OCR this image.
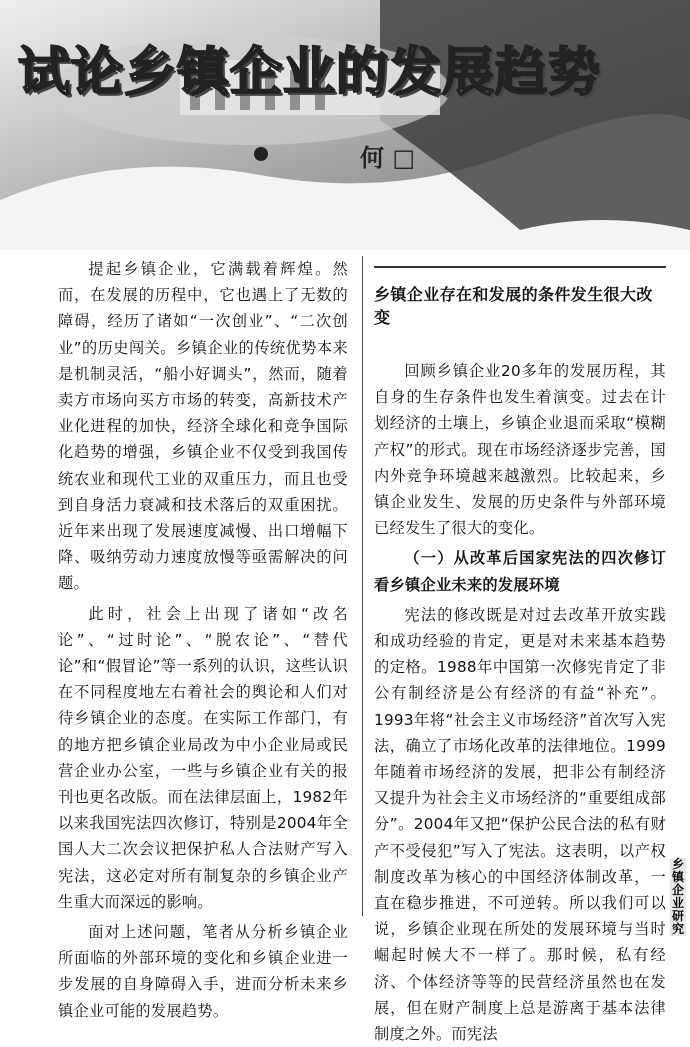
试论乡镇企业的发展趋势
何 □

提起乡镇企业，它满载着辉煌。然而，在发展的历程中，它也遇上了无数的障碍，经历了诸如“一次创业”、“二次创业”的历史闯关。乡镇企业的传统优势本来是机制灵活，“船小好调头”，然而，随着卖方市场向买方市场的转变，高新技术产业化进程的加快，经济全球化和竞争国际化趋势的增强，乡镇企业不仅受到我国传统农业和现代工业的双重压力，而且也受到自身活力衰减和技术落后的双重困扰。近年来出现了发展速度减慢、出口增幅下降、吸纳劳动力速度放慢等亟需解决的问题。

此时，社会上出现了诸如“改名论”、“过时论”、“脱农论”、“替代论”和“假冒论”等一系列的认识，这些认识在不同程度地左右着社会的舆论和人们对待乡镇企业的态度。在实际工作部门，有的地方把乡镇企业局改为中小企业局或民营企业办公室，一些与乡镇企业有关的报刊也更名改版。而在法律层面上，1982年以来我国宪法四次修订，特别是2004年全国人大二次会议把保护私人合法财产写入宪法，这必定对所有制复杂的乡镇企业产生重大而深远的影响。

面对上述问题，笔者从分析乡镇企业所面临的外部环境的变化和乡镇企业进一步发展的自身障碍入手，进而分析未来乡镇企业可能的发展趋势。

乡镇企业存在和发展的条件发生很大改变

回顾乡镇企业20多年的发展历程，其自身的生存条件也发生着演变。过去在计划经济的土壤上，乡镇企业退而采取“模糊产权”的形式。现在市场经济逐步完善，国内外竞争环境越来越激烈。比较起来，乡镇企业发生、发展的历史条件与外部环境已经发生了很大的变化。

（一）从改革后国家宪法的四次修订看乡镇企业未来的发展环境

宪法的修改既是对过去改革开放实践和成功经验的肯定，更是对未来基本趋势的定格。1988年中国第一次修宪肯定了非公有制经济是公有经济的有益“补充”。1993年将“社会主义市场经济”首次写入宪法，确立了市场化改革的法律地位。1999年随着市场经济的发展，把非公有制经济又提升为社会主义市场经济的“重要组成部分”。2004年又把“保护公民合法的私有财产不受侵犯”写入了宪法。这表明，以产权制度改革为核心的中国经济体制改革，一直在稳步推进，不可逆转。所以我们可以说，乡镇企业现在所处的发展环境与当时崛起时候大不一样了。那时候，私有经济、个体经济等等的民营经济虽然也在发展，但在财产制度上总是游离于基本法律制度之外。而宪法

乡镇企业研究
